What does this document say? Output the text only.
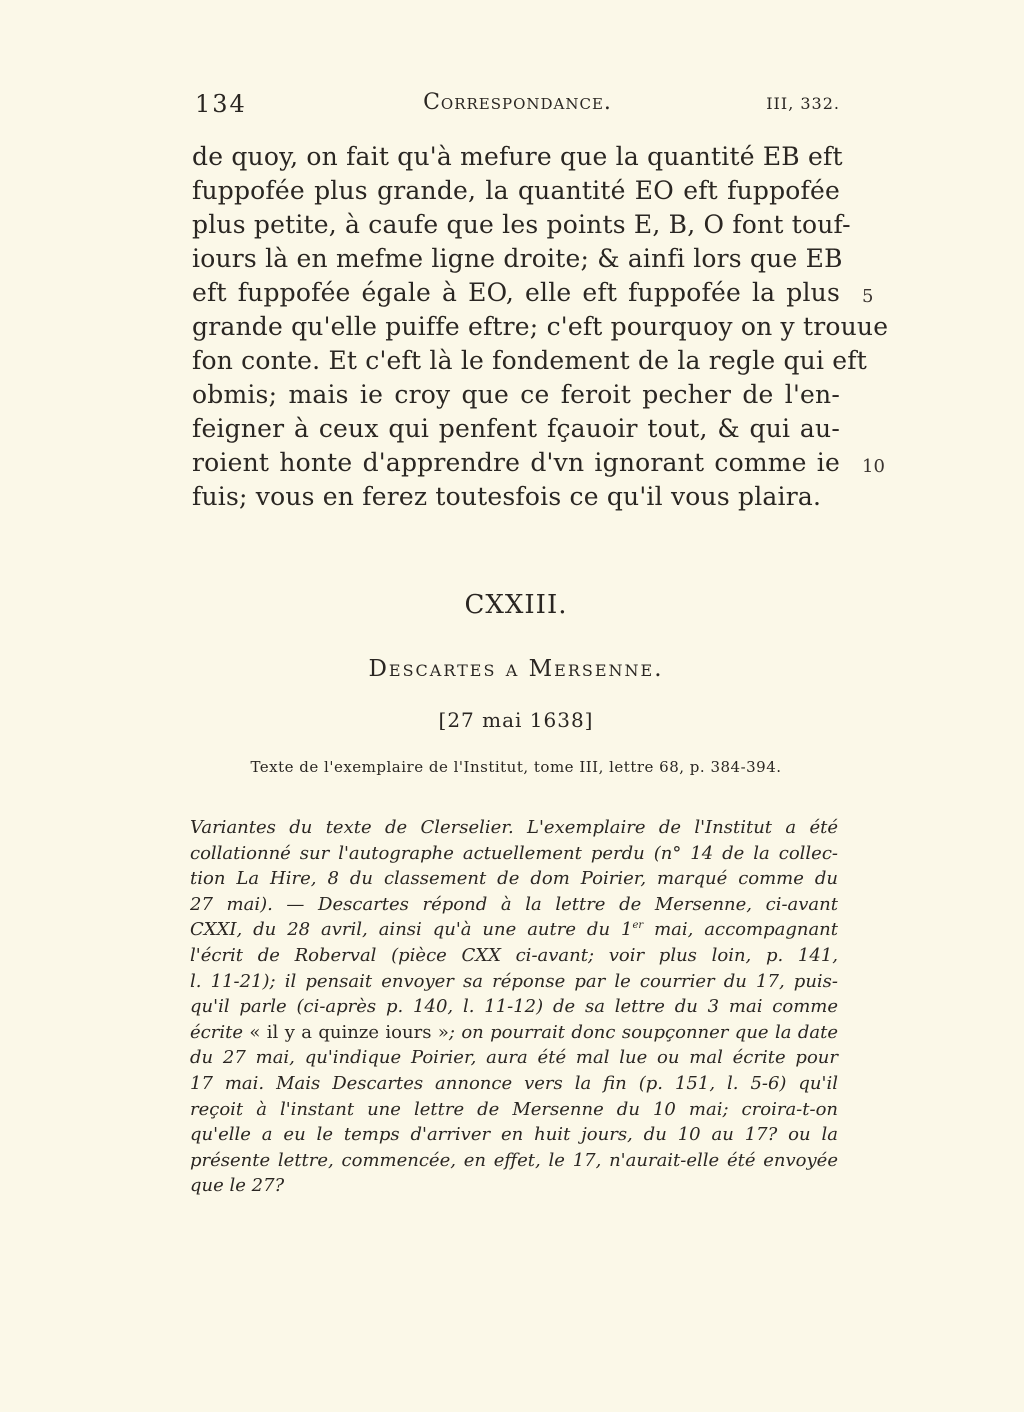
134	Correspondance.	III, 332.
de quoy, on fait qu'à mefure que la quantité EB eft
fuppofée plus grande, la quantité EO eft fuppofée
plus petite, à caufe que les points E, B, O font touf-
iours là en mefme ligne droite; & ainfi lors que EB
eft fuppofée égale à EO, elle eft fuppofée la plus
grande qu'elle puiffe eftre; c'eft pourquoy on y trouue
fon conte. Et c'eft là le fondement de la regle qui eft
obmis; mais ie croy que ce feroit pecher de l'en-
feigner à ceux qui penfent fçauoir tout, & qui au-
roient honte d'apprendre d'vn ignorant comme ie
fuis; vous en ferez toutesfois ce qu'il vous plaira.
5
10
CXXIII.
Descartes a Mersenne.
[27 mai 1638]
Texte de l'exemplaire de l'Institut, tome III, lettre 68, p. 384-394.
Variantes du texte de Clerselier. L'exemplaire de l'Institut a été
collationné sur l'autographe actuellement perdu (n° 14 de la collec-
tion La Hire, 8 du classement de dom Poirier, marqué comme du
27 mai). — Descartes répond à la lettre de Mersenne, ci-avant
CXXI, du 28 avril, ainsi qu'à une autre du 1er mai, accompagnant
l'écrit de Roberval (pièce CXX ci-avant; voir plus loin, p. 141,
l. 11-21); il pensait envoyer sa réponse par le courrier du 17, puis-
qu'il parle (ci-après p. 140, l. 11-12) de sa lettre du 3 mai comme
écrite « il y a quinze iours »; on pourrait donc soupçonner que la date
du 27 mai, qu'indique Poirier, aura été mal lue ou mal écrite pour
17 mai. Mais Descartes annonce vers la fin (p. 151, l. 5-6) qu'il
reçoit à l'instant une lettre de Mersenne du 10 mai; croira-t-on
qu'elle a eu le temps d'arriver en huit jours, du 10 au 17? ou la
présente lettre, commencée, en effet, le 17, n'aurait-elle été envoyée
que le 27?
